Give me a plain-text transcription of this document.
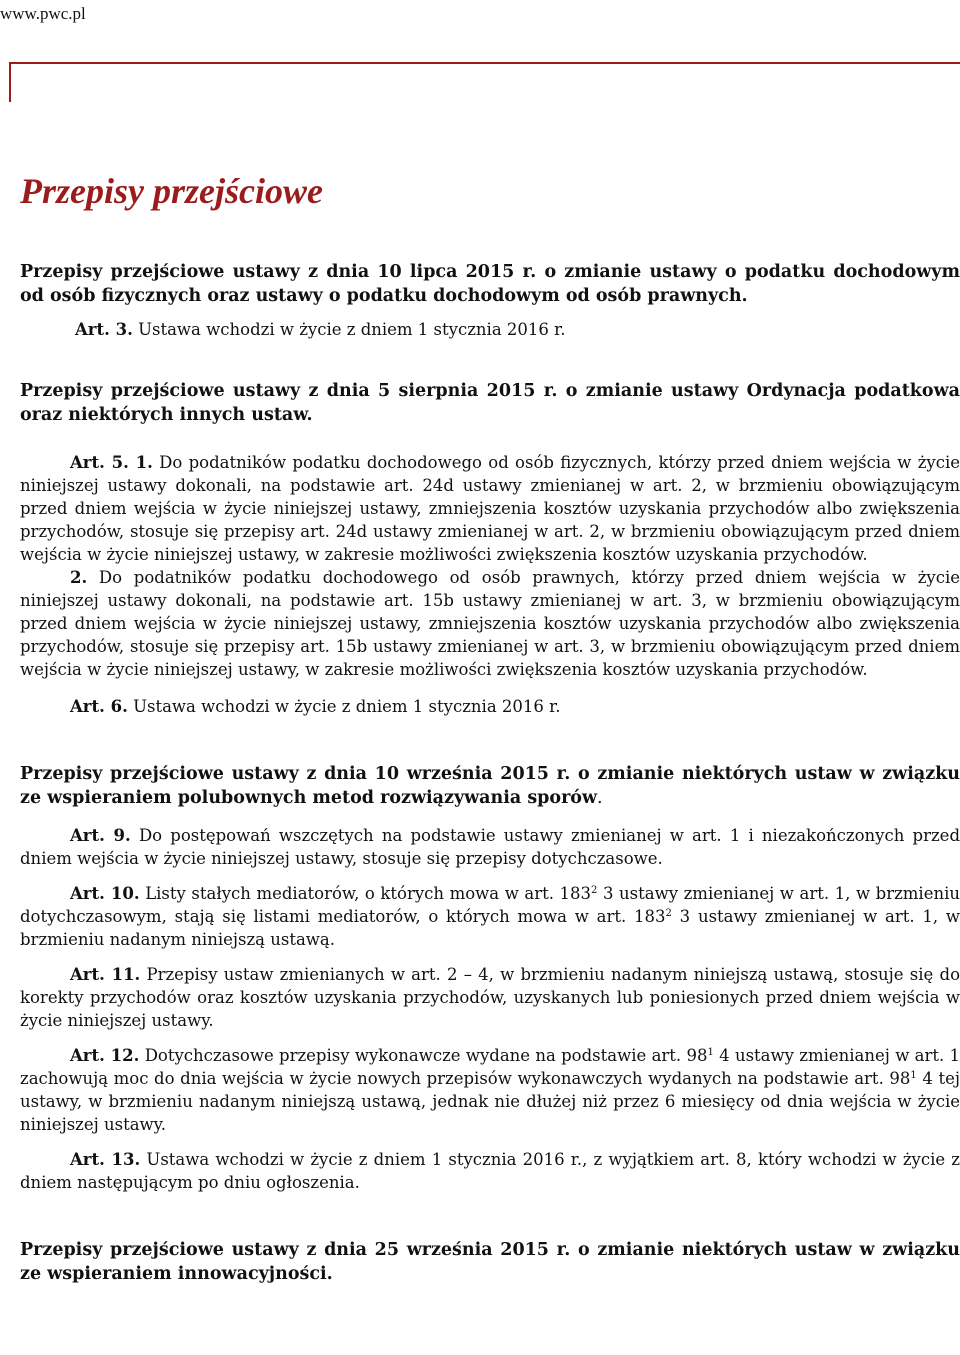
www.pwc.pl
Przepisy przejściowe

Przepisy przejściowe ustawy z dnia 10 lipca 2015 r. o zmianie ustawy o podatku dochodowym od osób fizycznych oraz ustawy o podatku dochodowym od osób prawnych.

Art. 3. Ustawa wchodzi w życie z dniem 1 stycznia 2016 r.

Przepisy przejściowe ustawy z dnia 5 sierpnia 2015 r. o zmianie ustawy Ordynacja podatkowa oraz niektórych innych ustaw.

Art. 5. 1. Do podatników podatku dochodowego od osób fizycznych, którzy przed dniem wejścia w życie niniejszej ustawy dokonali, na podstawie art. 24d ustawy zmienianej w art. 2, w brzmieniu obowiązującym przed dniem wejścia w życie niniejszej ustawy, zmniejszenia kosztów uzyskania przychodów albo zwiększenia przychodów, stosuje się przepisy art. 24d ustawy zmienianej w art. 2, w brzmieniu obowiązującym przed dniem wejścia w życie niniejszej ustawy, w zakresie możliwości zwiększenia kosztów uzyskania przychodów.

2. Do podatników podatku dochodowego od osób prawnych, którzy przed dniem wejścia w życie niniejszej ustawy dokonali, na podstawie art. 15b ustawy zmienianej w art. 3, w brzmieniu obowiązującym przed dniem wejścia w życie niniejszej ustawy, zmniejszenia kosztów uzyskania przychodów albo zwiększenia przychodów, stosuje się przepisy art. 15b ustawy zmienianej w art. 3, w brzmieniu obowiązującym przed dniem wejścia w życie niniejszej ustawy, w zakresie możliwości zwiększenia kosztów uzyskania przychodów.

Art. 6. Ustawa wchodzi w życie z dniem 1 stycznia 2016 r.

Przepisy przejściowe ustawy z dnia 10 września 2015 r. o zmianie niektórych ustaw w związku ze wspieraniem polubownych metod rozwiązywania sporów.

Art. 9. Do postępowań wszczętych na podstawie ustawy zmienianej w art. 1 i niezakończonych przed dniem wejścia w życie niniejszej ustawy, stosuje się przepisy dotychczasowe.

Art. 10. Listy stałych mediatorów, o których mowa w art. $183^2$ 3 ustawy zmienianej w art. 1, w brzmieniu dotychczasowym, stają się listami mediatorów, o których mowa w art. $183^2$ 3 ustawy zmienianej w art. 1, w brzmieniu nadanym niniejszą ustawą.

Art. 11. Przepisy ustaw zmienianych w art. 2 – 4, w brzmieniu nadanym niniejszą ustawą, stosuje się do korekty przychodów oraz kosztów uzyskania przychodów, uzyskanych lub poniesionych przed dniem wejścia w życie niniejszej ustawy.

Art. 12. Dotychczasowe przepisy wykonawcze wydane na podstawie art. $98^1$ 4 ustawy zmienianej w art. 1 zachowują moc do dnia wejścia w życie nowych przepisów wykonawczych wydanych na podstawie art. $98^1$ 4 tej ustawy, w brzmieniu nadanym niniejszą ustawą, jednak nie dłużej niż przez 6 miesięcy od dnia wejścia w życie niniejszej ustawy.

Art. 13. Ustawa wchodzi w życie z dniem 1 stycznia 2016 r., z wyjątkiem art. 8, który wchodzi w życie z dniem następującym po dniu ogłoszenia.

Przepisy przejściowe ustawy z dnia 25 września 2015 r. o zmianie niektórych ustaw w związku ze wspieraniem innowacyjności.
